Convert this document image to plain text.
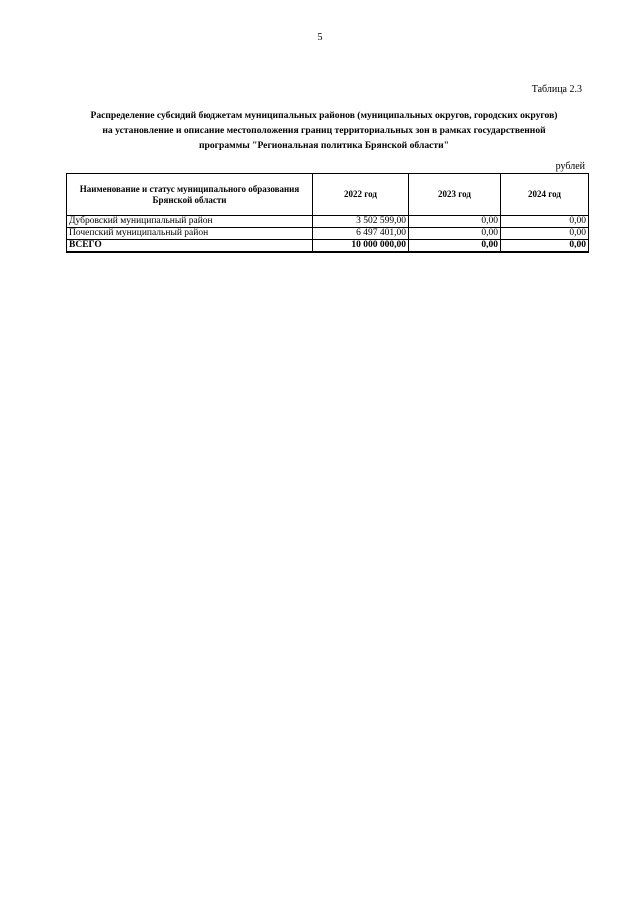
5
Таблица 2.3
Распределение субсидий бюджетам муниципальных районов (муниципальных округов, городских округов)
на установление и описание местоположения границ территориальных зон в рамках государственной
программы "Региональная политика Брянской области"
рублей
Наименование и статус муниципального образования Брянской области	2022 год	2023 год	2024 год
Дубровский муниципальный район	3 502 599,00	0,00	0,00
Почепский муниципальный район	6 497 401,00	0,00	0,00
ВСЕГО	10 000 000,00	0,00	0,00
